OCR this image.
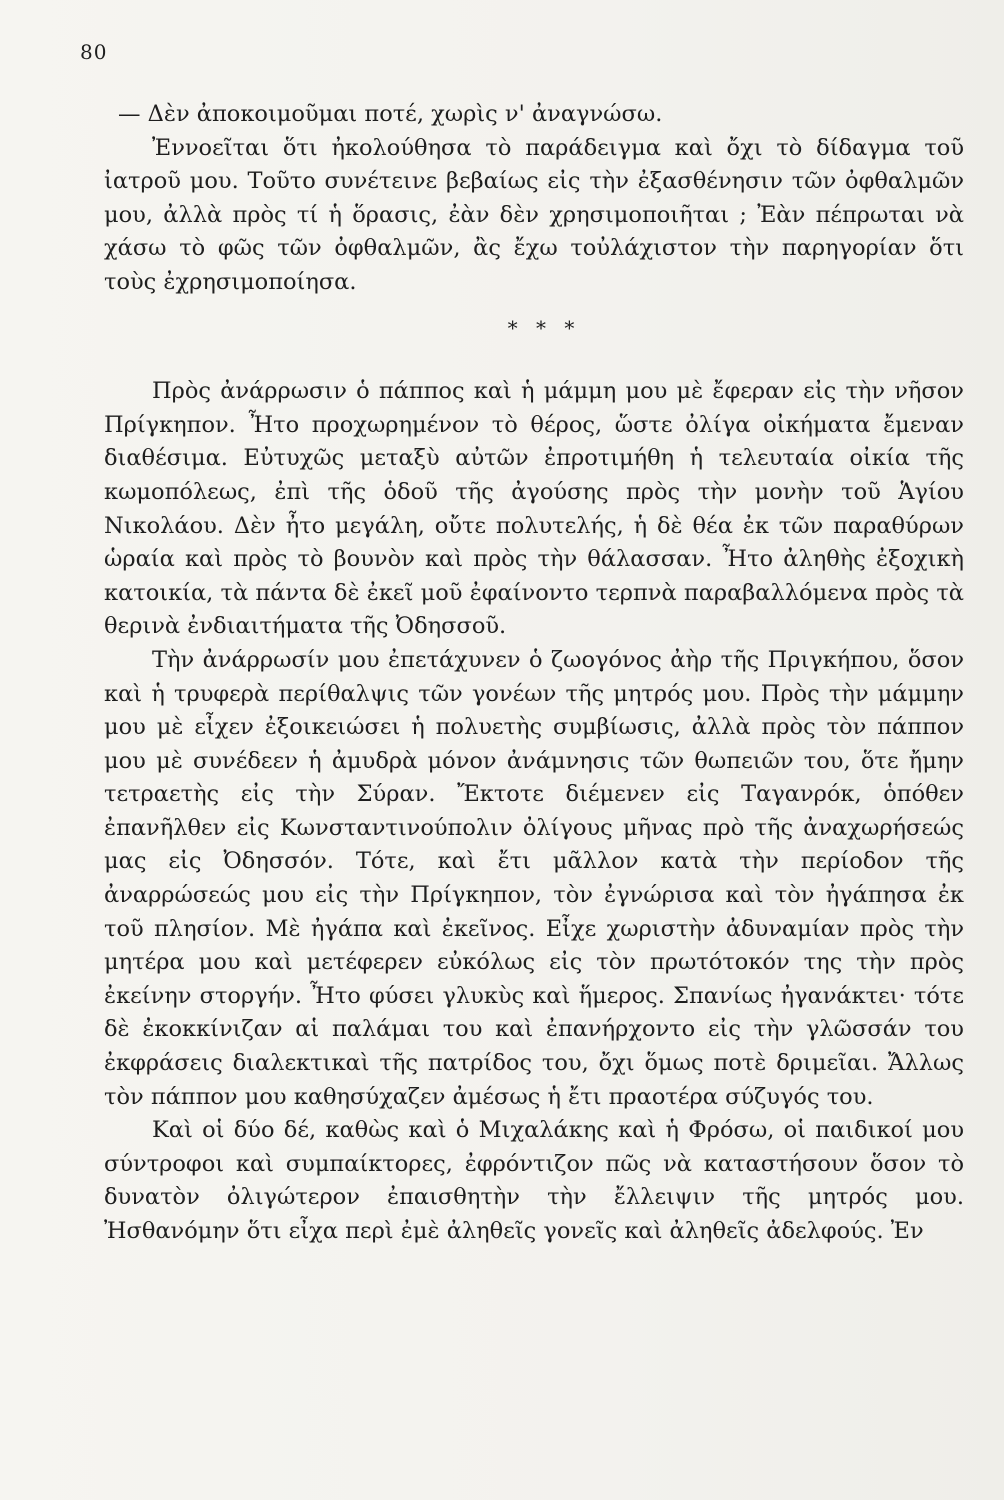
80

— Δὲν ἀποκοιμοῦμαι ποτέ, χωρὶς ν' ἀναγνώσω.

Ἐννοεῖται ὅτι ἠκολούθησα τὸ παράδειγμα καὶ ὄχι τὸ δίδαγμα τοῦ ἰατροῦ μου. Τοῦτο συνέτεινε βεβαίως εἰς τὴν ἐξασθένησιν τῶν ὀφθαλμῶν μου, ἀλλὰ πρὸς τί ἡ ὅρασις, ἐὰν δὲν χρησιμοποιῆται ; Ἐὰν πέπρωται νὰ χάσω τὸ φῶς τῶν ὀφθαλμῶν, ἂς ἔχω τοὐλάχιστον τὴν παρηγορίαν ὅτι τοὺς ἐχρησιμοποίησα.

* * *

Πρὸς ἀνάρρωσιν ὁ πάππος καὶ ἡ μάμμη μου μὲ ἔφεραν εἰς τὴν νῆσον Πρίγκηπον. Ἦτο προχωρημένον τὸ θέρος, ὥστε ὀλίγα οἰκήματα ἔμεναν διαθέσιμα. Εὐτυχῶς μεταξὺ αὐτῶν ἐπροτιμήθη ἡ τελευταία οἰκία τῆς κωμοπόλεως, ἐπὶ τῆς ὁδοῦ τῆς ἀγούσης πρὸς τὴν μονὴν τοῦ Ἁγίου Νικολάου. Δὲν ἦτο μεγάλη, οὔτε πολυτελής, ἡ δὲ θέα ἐκ τῶν παραθύρων ὡραία καὶ πρὸς τὸ βουνὸν καὶ πρὸς τὴν θάλασσαν. Ἦτο ἀληθὴς ἐξοχικὴ κατοικία, τὰ πάντα δὲ ἐκεῖ μοῦ ἐφαίνοντο τερπνὰ παραβαλλόμενα πρὸς τὰ θερινὰ ἐνδιαιτήματα τῆς Ὀδησσοῦ.

Τὴν ἀνάρρωσίν μου ἐπετάχυνεν ὁ ζωογόνος ἀὴρ τῆς Πριγκήπου, ὅσον καὶ ἡ τρυφερὰ περίθαλψις τῶν γονέων τῆς μητρός μου. Πρὸς τὴν μάμμην μου μὲ εἶχεν ἐξοικειώσει ἡ πολυετὴς συμβίωσις, ἀλλὰ πρὸς τὸν πάππον μου μὲ συνέδεεν ἡ ἀμυδρὰ μόνον ἀνάμνησις τῶν θωπειῶν του, ὅτε ἤμην τετραετὴς εἰς τὴν Σύραν. Ἔκτοτε διέμενεν εἰς Ταγανρόκ, ὁπόθεν ἐπανῆλθεν εἰς Κωνσταντινούπολιν ὀλίγους μῆνας πρὸ τῆς ἀναχωρήσεώς μας εἰς Ὀδησσόν. Τότε, καὶ ἔτι μᾶλλον κατὰ τὴν περίοδον τῆς ἀναρρώσεώς μου εἰς τὴν Πρίγκηπον, τὸν ἐγνώρισα καὶ τὸν ἠγάπησα ἐκ τοῦ πλησίον. Μὲ ἠγάπα καὶ ἐκεῖνος. Εἶχε χωριστὴν ἀδυναμίαν πρὸς τὴν μητέρα μου καὶ μετέφερεν εὐκόλως εἰς τὸν πρωτότοκόν της τὴν πρὸς ἐκείνην στοργήν. Ἦτο φύσει γλυκὺς καὶ ἥμερος. Σπανίως ἠγανάκτει· τότε δὲ ἐκοκκίνιζαν αἱ παλάμαι του καὶ ἐπανήρχοντο εἰς τὴν γλῶσσάν του ἐκφράσεις διαλεκτικαὶ τῆς πατρίδος του, ὄχι ὅμως ποτὲ δριμεῖαι. Ἄλλως τὸν πάππον μου καθησύχαζεν ἀμέσως ἡ ἔτι πραοτέρα σύζυγός του.

Καὶ οἱ δύο δέ, καθὼς καὶ ὁ Μιχαλάκης καὶ ἡ Φρόσω, οἱ παιδικοί μου σύντροφοι καὶ συμπαίκτορες, ἐφρόντιζον πῶς νὰ καταστήσουν ὅσον τὸ δυνατὸν ὀλιγώτερον ἐπαισθητὴν τὴν ἔλλειψιν τῆς μητρός μου. Ἠσθανόμην ὅτι εἶχα περὶ ἐμὲ ἀληθεῖς γονεῖς καὶ ἀληθεῖς ἀδελφούς. Ἐν
